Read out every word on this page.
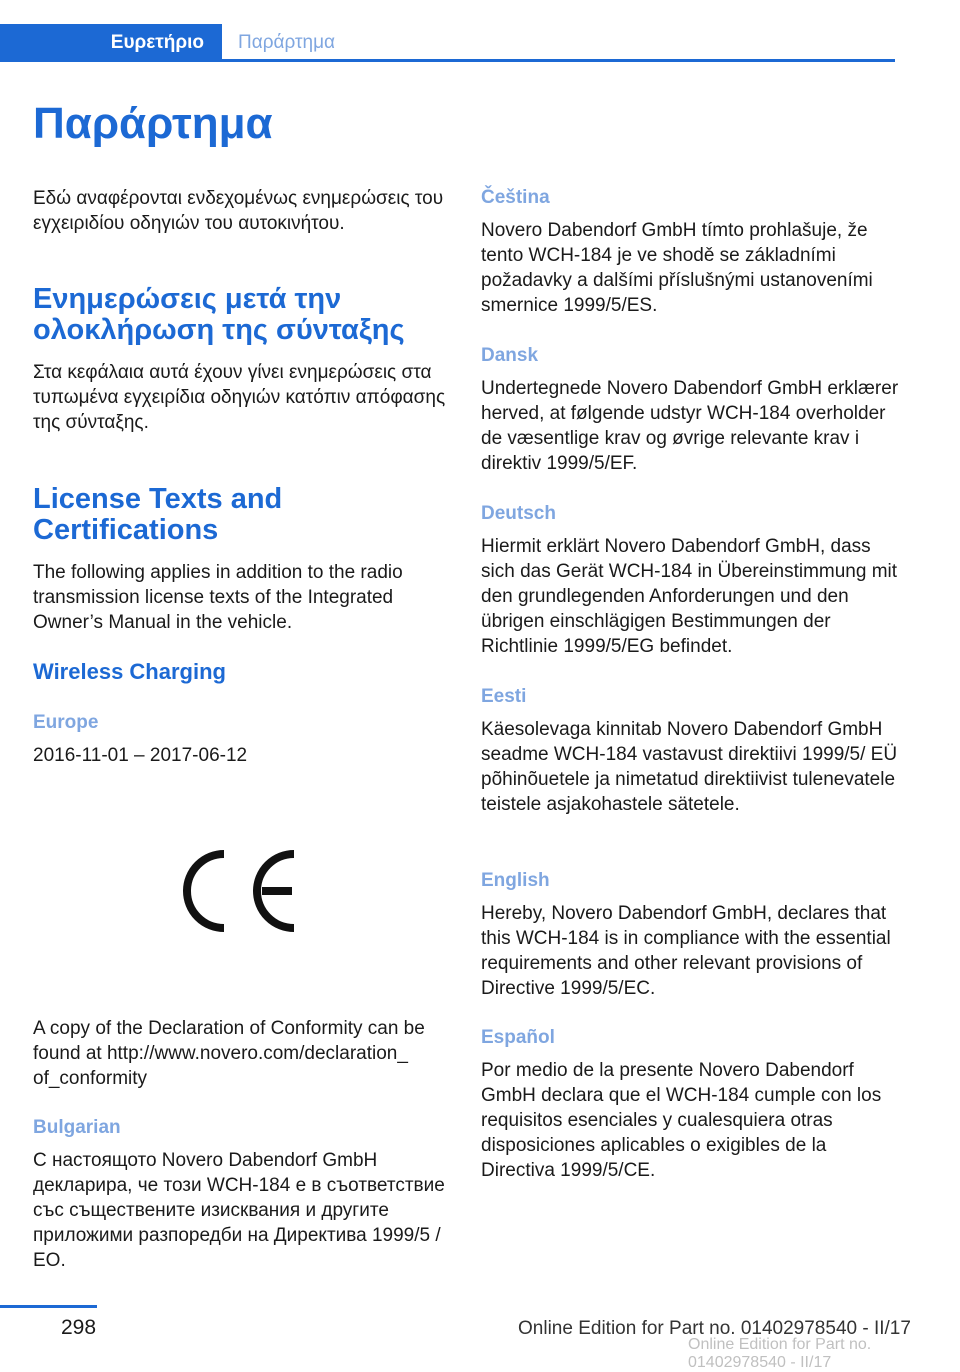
Ευρετήριο	Παράρτημα
Παράρτημα

Εδώ αναφέρονται ενδεχομένως ενημερώσεις του εγχειριδίου οδηγιών του αυτοκινήτου.

Ενημερώσεις μετά την ολοκλήρωση της σύνταξης

Στα κεφάλαια αυτά έχουν γίνει ενημερώσεις στα τυπωμένα εγχειρίδια οδηγιών κατόπιν απόφασης της σύνταξης.

License Texts and Certifications

The following applies in addition to the radio transmission license texts of the Integrated Owner’s Manual in the vehicle.

Wireless Charging
Europe

2016-11-01 – 2017-06-12

A copy of the Declaration of Conformity can be found at http://www.novero.com/declaration_ of_conformity

Bulgarian

С настоящото Novero Dabendorf GmbH декларира, че този WCH-184 е в съответствие със съществените изисквания и другите приложими разпоредби на Директива 1999/5 / EO.

Čeština

Novero Dabendorf GmbH tímto prohlašuje, že tento WCH-184 je ve shodě se základními požadavky a dalšími příslušnými ustanoveními smernice 1999/5/ES.

Dansk

Undertegnede Novero Dabendorf GmbH erklærer herved, at følgende udstyr WCH-184 overholder de væsentlige krav og øvrige relevante krav i direktiv 1999/5/EF.

Deutsch

Hiermit erklärt Novero Dabendorf GmbH, dass sich das Gerät WCH-184 in Übereinstimmung mit den grundlegenden Anforderungen und den übrigen einschlägigen Bestimmungen der Richtlinie 1999/5/EG befindet.

Eesti

Käesolevaga kinnitab Novero Dabendorf GmbH seadme WCH-184 vastavust direktiivi 1999/5/ EÜ põhinõuetele ja nimetatud direktiivist tulenevatele teistele asjakohastele sätetele.

English

Hereby, Novero Dabendorf GmbH, declares that this WCH-184 is in compliance with the essential requirements and other relevant provisions of Directive 1999/5/EC.

Español

Por medio de la presente Novero Dabendorf GmbH declara que el WCH-184 cumple con los requisitos esenciales y cualesquiera otras disposiciones aplicables o exigibles de la Directiva 1999/5/CE.

298	Online Edition for Part no. 01402978540 - II/17
Online Edition for Part no. 01402978540 - II/17
